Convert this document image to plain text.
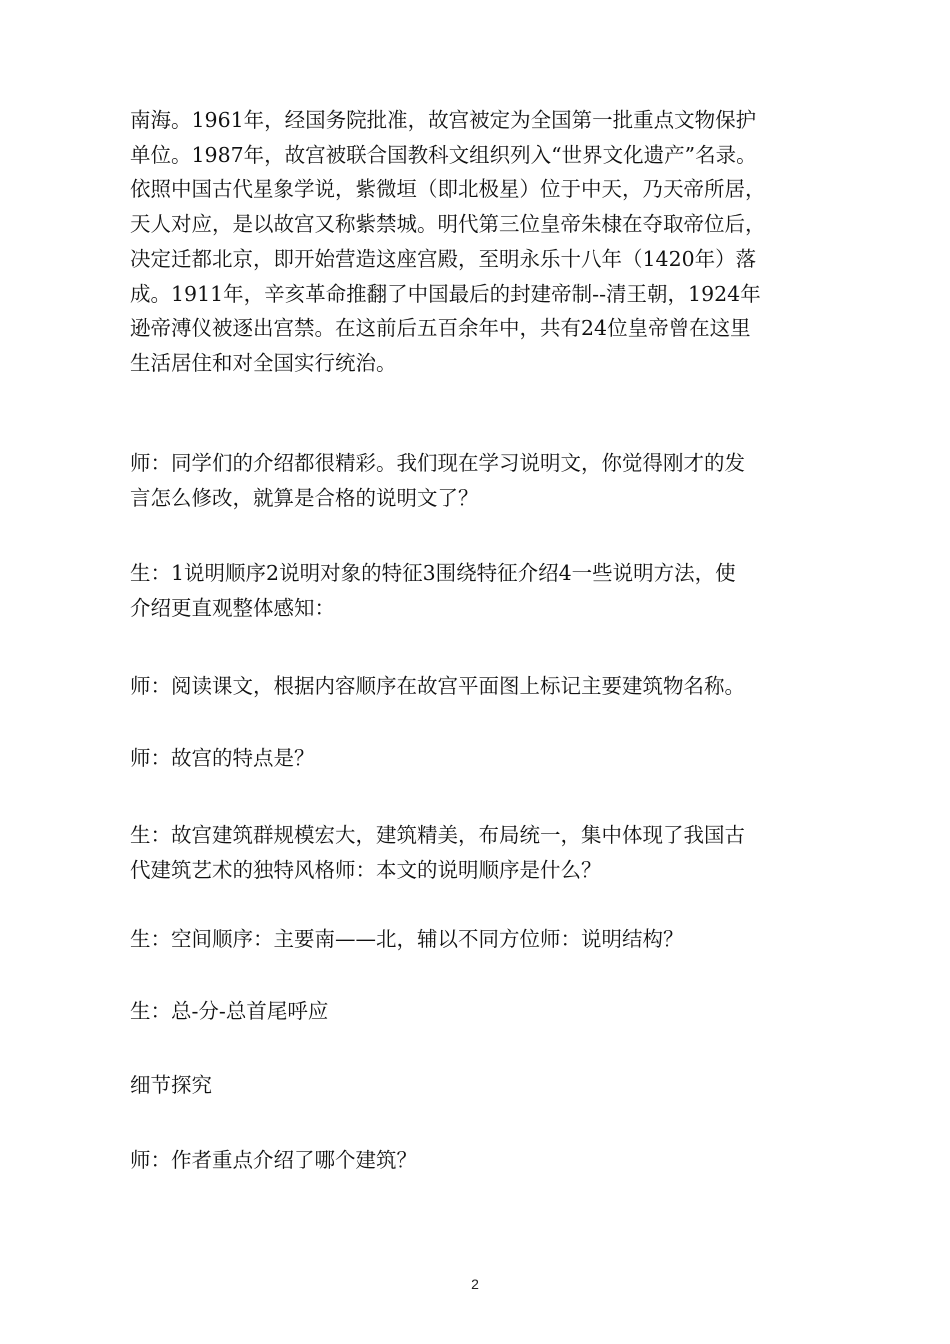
南海。1961年，经国务院批准，故宫被定为全国第一批重点文物保护
单位。1987年，故宫被联合国教科文组织列入“世界文化遗产”名录。
依照中国古代星象学说，紫微垣（即北极星）位于中天，乃天帝所居，
天人对应，是以故宫又称紫禁城。明代第三位皇帝朱棣在夺取帝位后，
决定迁都北京，即开始营造这座宫殿，至明永乐十八年（1420年）落
成。1911年，辛亥革命推翻了中国最后的封建帝制--清王朝，1924年
逊帝溥仪被逐出宫禁。在这前后五百余年中，共有24位皇帝曾在这里
生活居住和对全国实行统治。

师：同学们的介绍都很精彩。我们现在学习说明文，你觉得刚才的发
言怎么修改，就算是合格的说明文了？

生：1说明顺序2说明对象的特征3围绕特征介绍4一些说明方法，使
介绍更直观整体感知：

师：阅读课文，根据内容顺序在故宫平面图上标记主要建筑物名称。

师：故宫的特点是？

生：故宫建筑群规模宏大，建筑精美，布局统一，集中体现了我国古
代建筑艺术的独特风格师：本文的说明顺序是什么？

生：空间顺序：主要南——北，辅以不同方位师：说明结构？

生：总-分-总首尾呼应

细节探究

师：作者重点介绍了哪个建筑？

2
